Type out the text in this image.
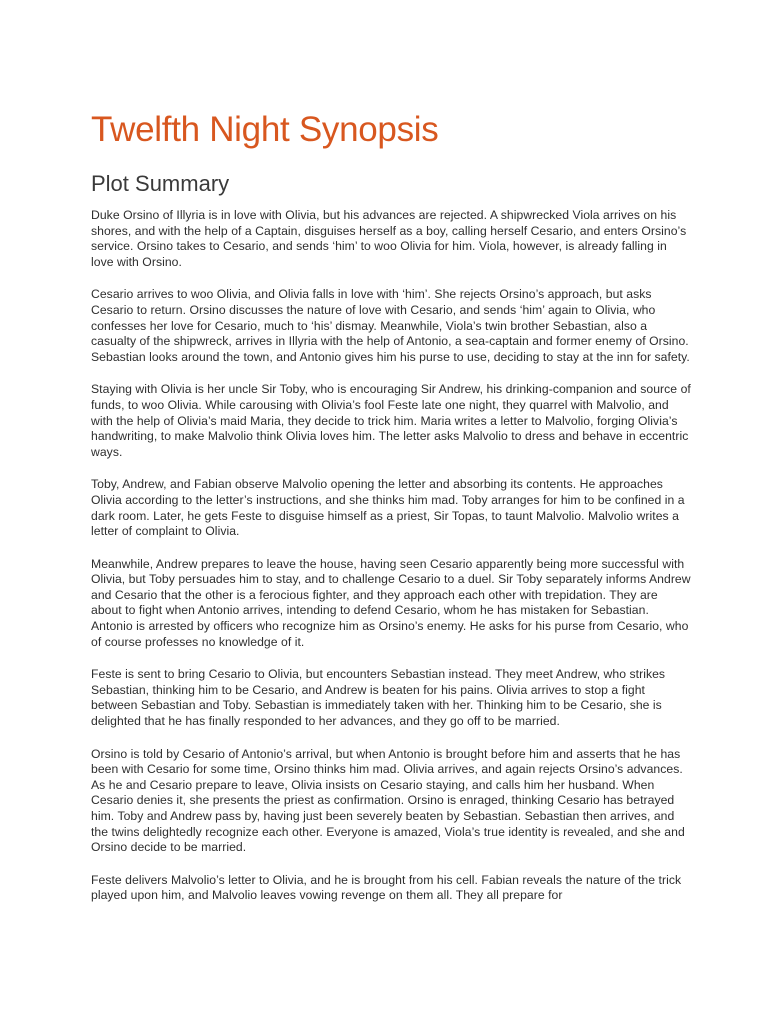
Twelfth Night Synopsis
Plot Summary

Duke Orsino of Illyria is in love with Olivia, but his advances are rejected. A shipwrecked Viola arrives on his shores, and with the help of a Captain, disguises herself as a boy, calling herself Cesario, and enters Orsino’s service. Orsino takes to Cesario, and sends ‘him’ to woo Olivia for him. Viola, however, is already falling in love with Orsino.

Cesario arrives to woo Olivia, and Olivia falls in love with ‘him’. She rejects Orsino’s approach, but asks Cesario to return. Orsino discusses the nature of love with Cesario, and sends ‘him’ again to Olivia, who confesses her love for Cesario, much to ‘his’ dismay. Meanwhile, Viola’s twin brother Sebastian, also a casualty of the shipwreck, arrives in Illyria with the help of Antonio, a sea-captain and former enemy of Orsino. Sebastian looks around the town, and Antonio gives him his purse to use, deciding to stay at the inn for safety.

Staying with Olivia is her uncle Sir Toby, who is encouraging Sir Andrew, his drinking-companion and source of funds, to woo Olivia. While carousing with Olivia’s fool Feste late one night, they quarrel with Malvolio, and with the help of Olivia’s maid Maria, they decide to trick him. Maria writes a letter to Malvolio, forging Olivia’s handwriting, to make Malvolio think Olivia loves him. The letter asks Malvolio to dress and behave in eccentric ways.

Toby, Andrew, and Fabian observe Malvolio opening the letter and absorbing its contents. He approaches Olivia according to the letter’s instructions, and she thinks him mad. Toby arranges for him to be confined in a dark room. Later, he gets Feste to disguise himself as a priest, Sir Topas, to taunt Malvolio. Malvolio writes a letter of complaint to Olivia.

Meanwhile, Andrew prepares to leave the house, having seen Cesario apparently being more successful with Olivia, but Toby persuades him to stay, and to challenge Cesario to a duel. Sir Toby separately informs Andrew and Cesario that the other is a ferocious fighter, and they approach each other with trepidation. They are about to fight when Antonio arrives, intending to defend Cesario, whom he has mistaken for Sebastian. Antonio is arrested by officers who recognize him as Orsino’s enemy. He asks for his purse from Cesario, who of course professes no knowledge of it.

Feste is sent to bring Cesario to Olivia, but encounters Sebastian instead. They meet Andrew, who strikes Sebastian, thinking him to be Cesario, and Andrew is beaten for his pains. Olivia arrives to stop a fight between Sebastian and Toby. Sebastian is immediately taken with her. Thinking him to be Cesario, she is delighted that he has finally responded to her advances, and they go off to be married.

Orsino is told by Cesario of Antonio’s arrival, but when Antonio is brought before him and asserts that he has been with Cesario for some time, Orsino thinks him mad. Olivia arrives, and again rejects Orsino’s advances. As he and Cesario prepare to leave, Olivia insists on Cesario staying, and calls him her husband. When Cesario denies it, she presents the priest as confirmation. Orsino is enraged, thinking Cesario has betrayed him. Toby and Andrew pass by, having just been severely beaten by Sebastian. Sebastian then arrives, and the twins delightedly recognize each other. Everyone is amazed, Viola’s true identity is revealed, and she and Orsino decide to be married.

Feste delivers Malvolio’s letter to Olivia, and he is brought from his cell. Fabian reveals the nature of the trick played upon him, and Malvolio leaves vowing revenge on them all. They all prepare for
